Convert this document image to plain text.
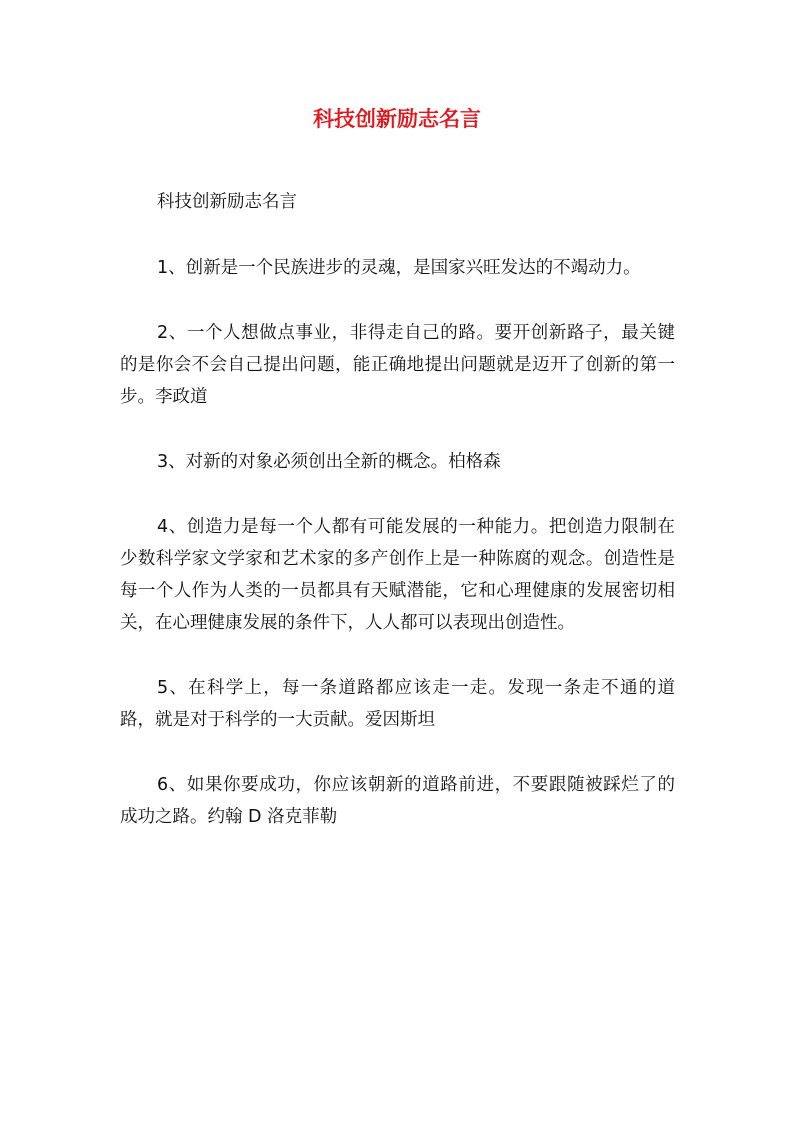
科技创新励志名言

科技创新励志名言

1、创新是一个民族进步的灵魂，是国家兴旺发达的不竭动力。

2、一个人想做点事业，非得走自己的路。要开创新路子，最关键的是你会不会自己提出问题，能正确地提出问题就是迈开了创新的第一步。李政道

3、对新的对象必须创出全新的概念。柏格森

4、创造力是每一个人都有可能发展的一种能力。把创造力限制在少数科学家文学家和艺术家的多产创作上是一种陈腐的观念。创造性是每一个人作为人类的一员都具有天赋潜能，它和心理健康的发展密切相关，在心理健康发展的条件下，人人都可以表现出创造性。

5、在科学上，每一条道路都应该走一走。发现一条走不通的道路，就是对于科学的一大贡献。爱因斯坦

6、如果你要成功，你应该朝新的道路前进，不要跟随被踩烂了的成功之路。约翰 D 洛克菲勒
